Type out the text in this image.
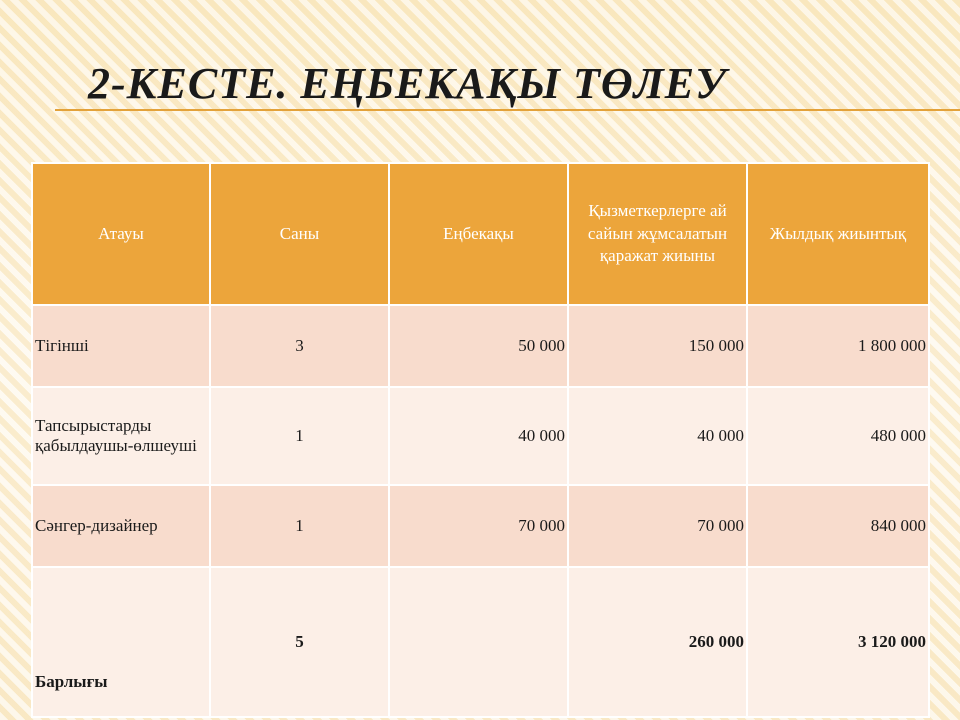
2-КЕСТЕ. ЕҢБЕКАҚЫ ТӨЛЕУ
Атауы	Саны	Еңбекақы	Қызметкерлерге ай сайын жұмсалатын қаражат жиыны	Жылдық жиынтық
Тігінші	3	50 000	150 000	1 800 000
Тапсырыстарды қабылдаушы-өлшеуші	1	40 000	40 000	480 000
Сәнгер-дизайнер	1	70 000	70 000	840 000
Барлығы	5		260 000	3 120 000
